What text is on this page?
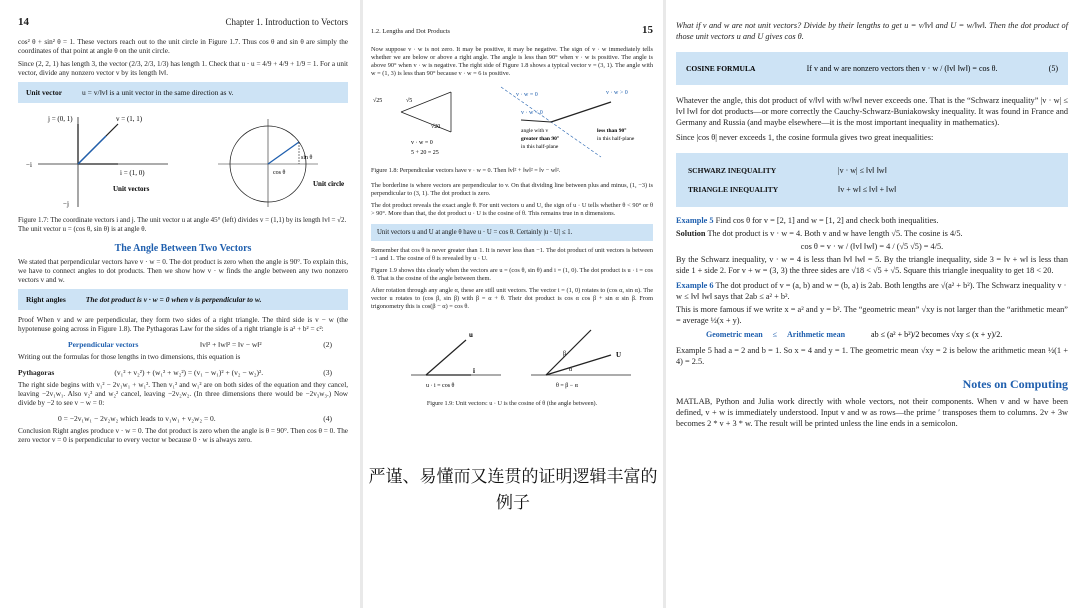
14	Chapter 1. Introduction to Vectors

cos² θ + sin² θ = 1. These vectors reach out to the unit circle in Figure 1.7. Thus cos θ and sin θ are simply the coordinates of that point at angle θ on the unit circle.

Since (2, 2, 1) has length 3, the vector (2/3, 2/3, 1/3) has length 1. Check that u · u = 4/9 + 4/9 + 1/9 = 1. For a unit vector, divide any nonzero vector v by its length ‖v‖.

Unit vector	u = v/‖v‖ is a unit vector in the same direction as v.
j = (0, 1)	v = (1, 1)
i = (1, 0)
Unit vectors
−i
−j
sin θ
cos θ
Unit circle

Figure 1.7: The coordinate vectors i and j. The unit vector u at angle 45° (left) divides v = (1,1) by its length ‖v‖ = √2. The unit vector u = (cos θ, sin θ) is at angle θ.

The Angle Between Two Vectors

We stated that perpendicular vectors have v · w = 0. The dot product is zero when the angle is 90°. To explain this, we have to connect angles to dot products. Then we show how v · w finds the angle between any two nonzero vectors v and w.

Right angles	The dot product is v · w = 0 when v is perpendicular to w.

Proof When v and w are perpendicular, they form two sides of a right triangle. The third side is v − w (the hypotenuse going across in Figure 1.8). The Pythagoras Law for the sides of a right triangle is a² + b² = c²:

Perpendicular vectors	‖v‖² + ‖w‖² = ‖v − w‖²	(2)

Writing out the formulas for those lengths in two dimensions, this equation is

Pythagoras	(v₁² + v₂²) + (w₁² + w₂²) = (v₁ − w₁)² + (v₂ − w₂)².	(3)

The right side begins with v₁² − 2v₁w₁ + w₁². Then v₁² and w₁² are on both sides of the equation and they cancel, leaving −2v₁w₁. Also v₂² and w₂² cancel, leaving −2v₂w₂. (In three dimensions there would be −2v₃w₃.) Now divide by −2 to see v − w = 0:

0 = −2v₁w₁ − 2v₂w₂ which leads to v₁w₁ + v₂w₂ = 0.	(4)

Conclusion Right angles produce v · w = 0. The dot product is zero when the angle is θ = 90°. Then cos θ = 0. The zero vector v = 0 is perpendicular to every vector w because 0 · w is always zero.

1.2. Lengths and Dot Products	15

Now suppose v · w is not zero. It may be positive, it may be negative. The sign of v · w immediately tells whether we are below or above a right angle. The angle is less than 90° when v · w is positive. The angle is above 90° when v · w is negative. The right side of Figure 1.8 shows a typical vector v = (3, 1). The angle with w = (1, 3) is less than 90° because v · w = 6 is positive.

√25	√5
√20
v · w = 0
5 + 20 = 25
v · w = 0	v · w > 0
v · w < 0
angle with v
greater than 90°
in this half-plane
less than 90°
in this half-plane

Figure 1.8: Perpendicular vectors have v · w = 0. Then ‖v‖² + ‖w‖² = ‖v − w‖².

The borderline is where vectors are perpendicular to v. On that dividing line between plus and minus, (1, −3) is perpendicular to (3, 1). The dot product is zero.

The dot product reveals the exact angle θ. For unit vectors u and U, the sign of u · U tells whether θ < 90° or θ > 90°. More than that, the dot product u · U is the cosine of θ. This remains true in n dimensions.

Unit vectors u and U at angle θ have u · U = cos θ. Certainly |u · U| ≤ 1.

Remember that cos θ is never greater than 1. It is never less than −1. The dot product of unit vectors is between −1 and 1. The cosine of θ is revealed by u · U.

Figure 1.9 shows this clearly when the vectors are u = (cos θ, sin θ) and i = (1, 0). The dot product is u · i = cos θ. That is the cosine of the angle between them.

After rotation through any angle α, these are still unit vectors. The vector i = (1, 0) rotates to (cos α, sin α). The vector u rotates to (cos β, sin β) with β = α + θ. Their dot product is cos α cos β + sin α sin β. From trigonometry this is cos(β − α) = cos θ.

u
i
u · i = cos θ
U
α
β
θ = β − α

Figure 1.9: Unit vectors: u · U is the cosine of θ (the angle between).

严谨、易懂而又连贯的证明逻辑丰富的例子

What if v and w are not unit vectors? Divide by their lengths to get u = v/‖v‖ and U = w/‖w‖. Then the dot product of those unit vectors u and U gives cos θ.

COSINE FORMULA	If v and w are nonzero vectors then v · w / (‖v‖ ‖w‖) = cos θ.	(5)

Whatever the angle, this dot product of v/‖v‖ with w/‖w‖ never exceeds one. That is the “Schwarz inequality” |v · w| ≤ ‖v‖ ‖w‖ for dot products—or more correctly the Cauchy-Schwarz-Buniakowsky inequality. It was found in France and Germany and Russia (and maybe elsewhere—it is the most important inequality in mathematics).

Since |cos θ| never exceeds 1, the cosine formula gives two great inequalities:

SCHWARZ INEQUALITY	|v · w| ≤ ‖v‖ ‖w‖
TRIANGLE INEQUALITY	‖v + w‖ ≤ ‖v‖ + ‖w‖

Example 5 Find cos θ for v = [2, 1] and w = [1, 2] and check both inequalities.

Solution The dot product is v · w = 4. Both v and w have length √5. The cosine is 4/5.

cos θ = v · w / (‖v‖ ‖w‖) = 4 / (√5 √5) = 4/5.

By the Schwarz inequality, v · w = 4 is less than ‖v‖ ‖w‖ = 5. By the triangle inequality, side 3 = ‖v + w‖ is less than side 1 + side 2. For v + w = (3, 3) the three sides are √18 < √5 + √5. Square this triangle inequality to get 18 < 20.

Example 6 The dot product of v = (a, b) and w = (b, a) is 2ab. Both lengths are √(a² + b²). The Schwarz inequality v · w ≤ ‖v‖ ‖w‖ says that 2ab ≤ a² + b².

This is more famous if we write x = a² and y = b². The “geometric mean” √xy is not larger than the “arithmetic mean” = average ½(x + y).

Geometric mean ≤ Arithmetic mean	ab ≤ (a² + b²)/2 becomes √xy ≤ (x + y)/2.

Example 5 had a = 2 and b = 1. So x = 4 and y = 1. The geometric mean √xy = 2 is below the arithmetic mean ½(1 + 4) = 2.5.

Notes on Computing

MATLAB, Python and Julia work directly with whole vectors, not their components. When v and w have been defined, v + w is immediately understood. Input v and w as rows—the prime ′ transposes them to columns. 2v + 3w becomes 2 * v + 3 * w. The result will be printed unless the line ends in a semicolon.
